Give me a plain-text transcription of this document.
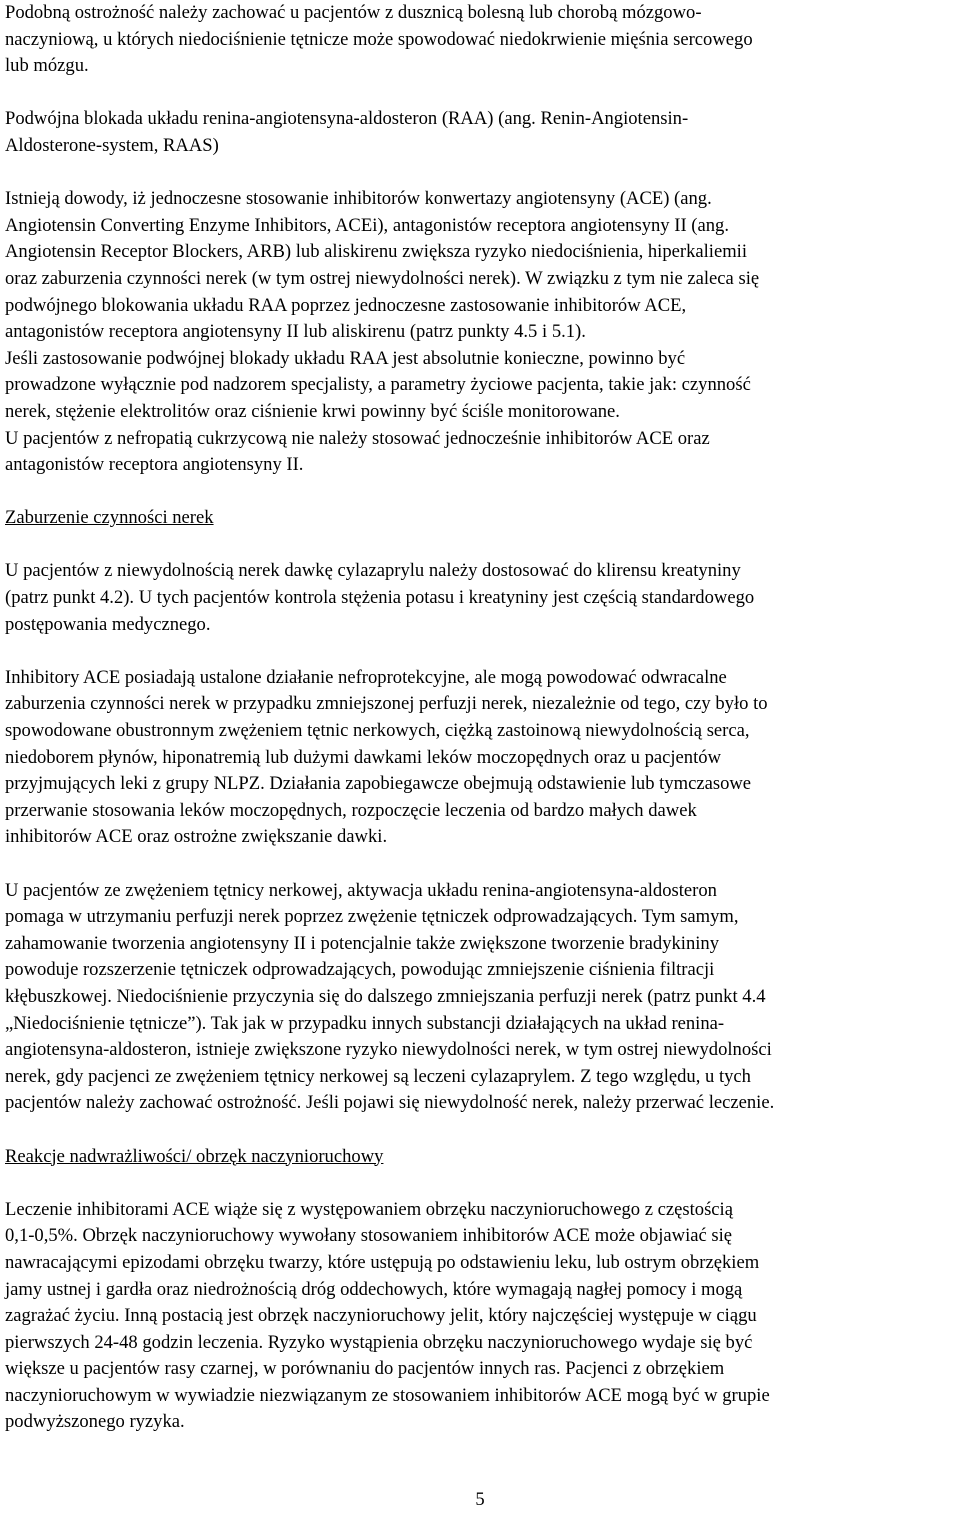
Podobną ostrożność należy zachować u pacjentów z dusznicą bolesną lub chorobą mózgowo-
naczyniową, u których niedociśnienie tętnicze może spowodować niedokrwienie mięśnia sercowego
lub mózgu.

Podwójna blokada układu renina-angiotensyna-aldosteron (RAA) (ang. Renin-Angiotensin-
Aldosterone-system, RAAS)

Istnieją dowody, iż jednoczesne stosowanie inhibitorów konwertazy angiotensyny (ACE) (ang.
Angiotensin Converting Enzyme Inhibitors, ACEi), antagonistów receptora angiotensyny II (ang.
Angiotensin Receptor Blockers, ARB) lub aliskirenu zwiększa ryzyko niedociśnienia, hiperkaliemii
oraz zaburzenia czynności nerek (w tym ostrej niewydolności nerek). W związku z tym nie zaleca się
podwójnego blokowania układu RAA poprzez jednoczesne zastosowanie inhibitorów ACE,
antagonistów receptora angiotensyny II lub aliskirenu (patrz punkty 4.5 i 5.1).
Jeśli zastosowanie podwójnej blokady układu RAA jest absolutnie konieczne, powinno być
prowadzone wyłącznie pod nadzorem specjalisty, a parametry życiowe pacjenta, takie jak: czynność
nerek, stężenie elektrolitów oraz ciśnienie krwi powinny być ściśle monitorowane.
U pacjentów z nefropatią cukrzycową nie należy stosować jednocześnie inhibitorów ACE oraz
antagonistów receptora angiotensyny II.

Zaburzenie czynności nerek

U pacjentów z niewydolnością nerek dawkę cylazaprylu należy dostosować do klirensu kreatyniny
(patrz punkt 4.2). U tych pacjentów kontrola stężenia potasu i kreatyniny jest częścią standardowego
postępowania medycznego.

Inhibitory ACE posiadają ustalone działanie nefroprotekcyjne, ale mogą powodować odwracalne
zaburzenia czynności nerek w przypadku zmniejszonej perfuzji nerek, niezależnie od tego, czy było to
spowodowane obustronnym zwężeniem tętnic nerkowych, ciężką zastoinową niewydolnością serca,
niedoborem płynów, hiponatremią lub dużymi dawkami leków moczopędnych oraz u pacjentów
przyjmujących leki z grupy NLPZ. Działania zapobiegawcze obejmują odstawienie lub tymczasowe
przerwanie stosowania leków moczopędnych, rozpoczęcie leczenia od bardzo małych dawek
inhibitorów ACE oraz ostrożne zwiększanie dawki.

U pacjentów ze zwężeniem tętnicy nerkowej, aktywacja układu renina-angiotensyna-aldosteron
pomaga w utrzymaniu perfuzji nerek poprzez zwężenie tętniczek odprowadzających. Tym samym,
zahamowanie tworzenia angiotensyny II i potencjalnie także zwiększone tworzenie bradykininy
powoduje rozszerzenie tętniczek odprowadzających, powodując zmniejszenie ciśnienia filtracji
kłębuszkowej. Niedociśnienie przyczynia się do dalszego zmniejszania perfuzji nerek (patrz punkt 4.4
„Niedociśnienie tętnicze”). Tak jak w przypadku innych substancji działających na układ renina-
angiotensyna-aldosteron, istnieje zwiększone ryzyko niewydolności nerek, w tym ostrej niewydolności
nerek, gdy pacjenci ze zwężeniem tętnicy nerkowej są leczeni cylazaprylem. Z tego względu, u tych
pacjentów należy zachować ostrożność. Jeśli pojawi się niewydolność nerek, należy przerwać leczenie.

Reakcje nadwrażliwości/ obrzęk naczynioruchowy

Leczenie inhibitorami ACE wiąże się z występowaniem obrzęku naczynioruchowego z częstością
0,1-0,5%. Obrzęk naczynioruchowy wywołany stosowaniem inhibitorów ACE może objawiać się
nawracającymi epizodami obrzęku twarzy, które ustępują po odstawieniu leku, lub ostrym obrzękiem
jamy ustnej i gardła oraz niedrożnością dróg oddechowych, które wymagają nagłej pomocy i mogą
zagrażać życiu. Inną postacią jest obrzęk naczynioruchowy jelit, który najczęściej występuje w ciągu
pierwszych 24-48 godzin leczenia. Ryzyko wystąpienia obrzęku naczynioruchowego wydaje się być
większe u pacjentów rasy czarnej, w porównaniu do pacjentów innych ras. Pacjenci z obrzękiem
naczynioruchowym w wywiadzie niezwiązanym ze stosowaniem inhibitorów ACE mogą być w grupie
podwyższonego ryzyka.

5
